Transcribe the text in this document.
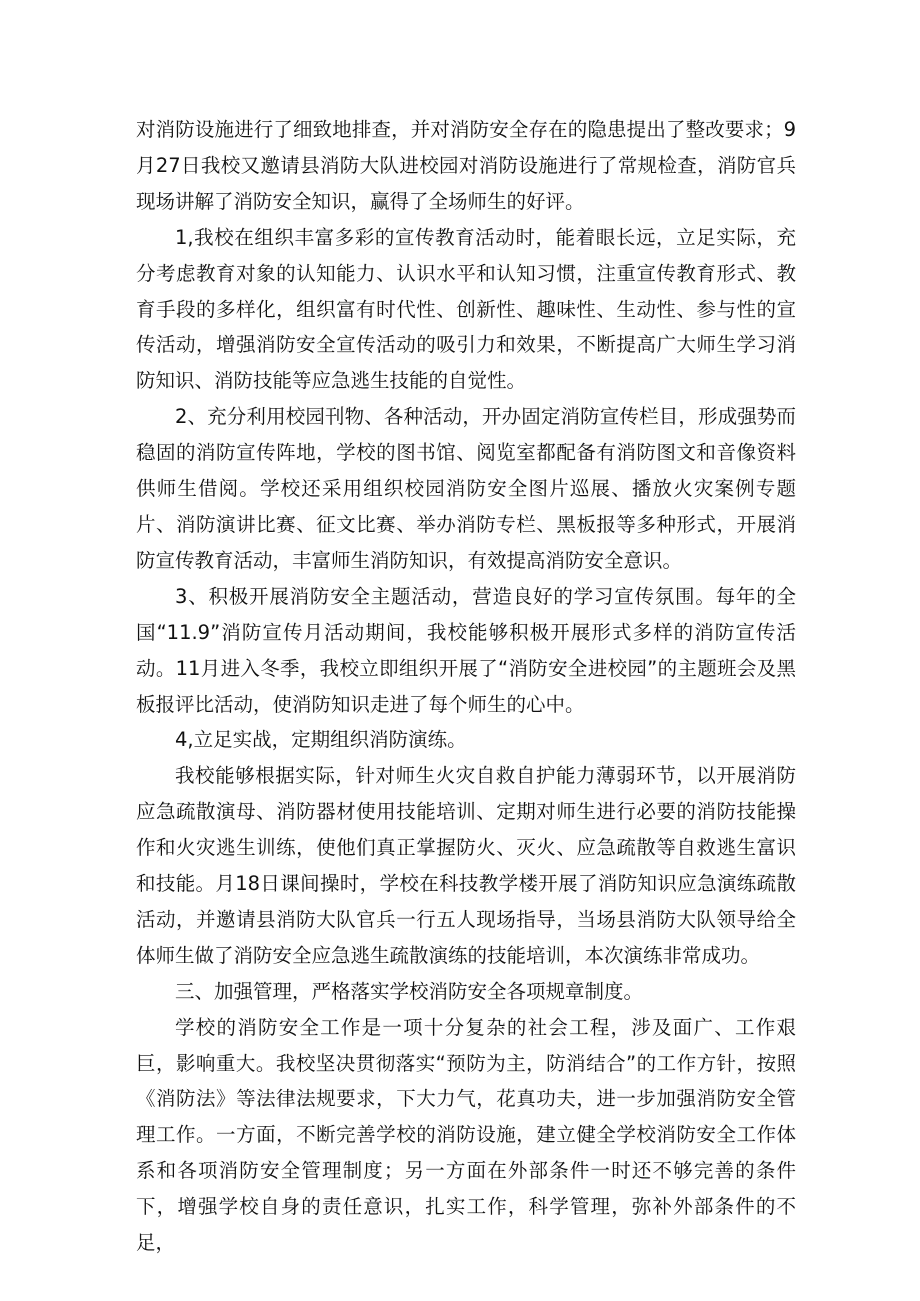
对消防设施进行了细致地排查，并对消防安全存在的隐患提出了整改要求；9月27日我校又邀请县消防大队进校园对消防设施进行了常规检查，消防官兵现场讲解了消防安全知识，赢得了全场师生的好评。

1,我校在组织丰富多彩的宣传教育活动时，能着眼长远，立足实际，充分考虑教育对象的认知能力、认识水平和认知习惯，注重宣传教育形式、教育手段的多样化，组织富有时代性、创新性、趣味性、生动性、参与性的宣传活动，增强消防安全宣传活动的吸引力和效果，不断提高广大师生学习消防知识、消防技能等应急逃生技能的自觉性。

2、充分利用校园刊物、各种活动，开办固定消防宣传栏目，形成强势而稳固的消防宣传阵地，学校的图书馆、阅览室都配备有消防图文和音像资料供师生借阅。学校还采用组织校园消防安全图片巡展、播放火灾案例专题片、消防演讲比赛、征文比赛、举办消防专栏、黑板报等多种形式，开展消防宣传教育活动，丰富师生消防知识，有效提高消防安全意识。

3、积极开展消防安全主题活动，营造良好的学习宣传氛围。每年的全国“11.9”消防宣传月活动期间，我校能够积极开展形式多样的消防宣传活动。11月进入冬季，我校立即组织开展了“消防安全进校园”的主题班会及黑板报评比活动，使消防知识走进了每个师生的心中。

4,立足实战，定期组织消防演练。

我校能够根据实际，针对师生火灾自救自护能力薄弱环节，以开展消防应急疏散演母、消防器材使用技能培训、定期对师生进行必要的消防技能操作和火灾逃生训练，使他们真正掌握防火、灭火、应急疏散等自救逃生富识和技能。月18日课间操时，学校在科技教学楼开展了消防知识应急演练疏散活动，并邀请县消防大队官兵一行五人现场指导，当场县消防大队领导给全体师生做了消防安全应急逃生疏散演练的技能培训，本次演练非常成功。

三、加强管理，严格落实学校消防安全各项规章制度。

学校的消防安全工作是一项十分复杂的社会工程，涉及面广、工作艰巨，影响重大。我校坚决贯彻落实“预防为主，防消结合”的工作方针，按照《消防法》等法律法规要求，下大力气，花真功夫，进一步加强消防安全管理工作。一方面，不断完善学校的消防设施，建立健全学校消防安全工作体系和各项消防安全管理制度；另一方面在外部条件一时还不够完善的条件下，增强学校自身的责任意识，扎实工作，科学管理，弥补外部条件的不足，
